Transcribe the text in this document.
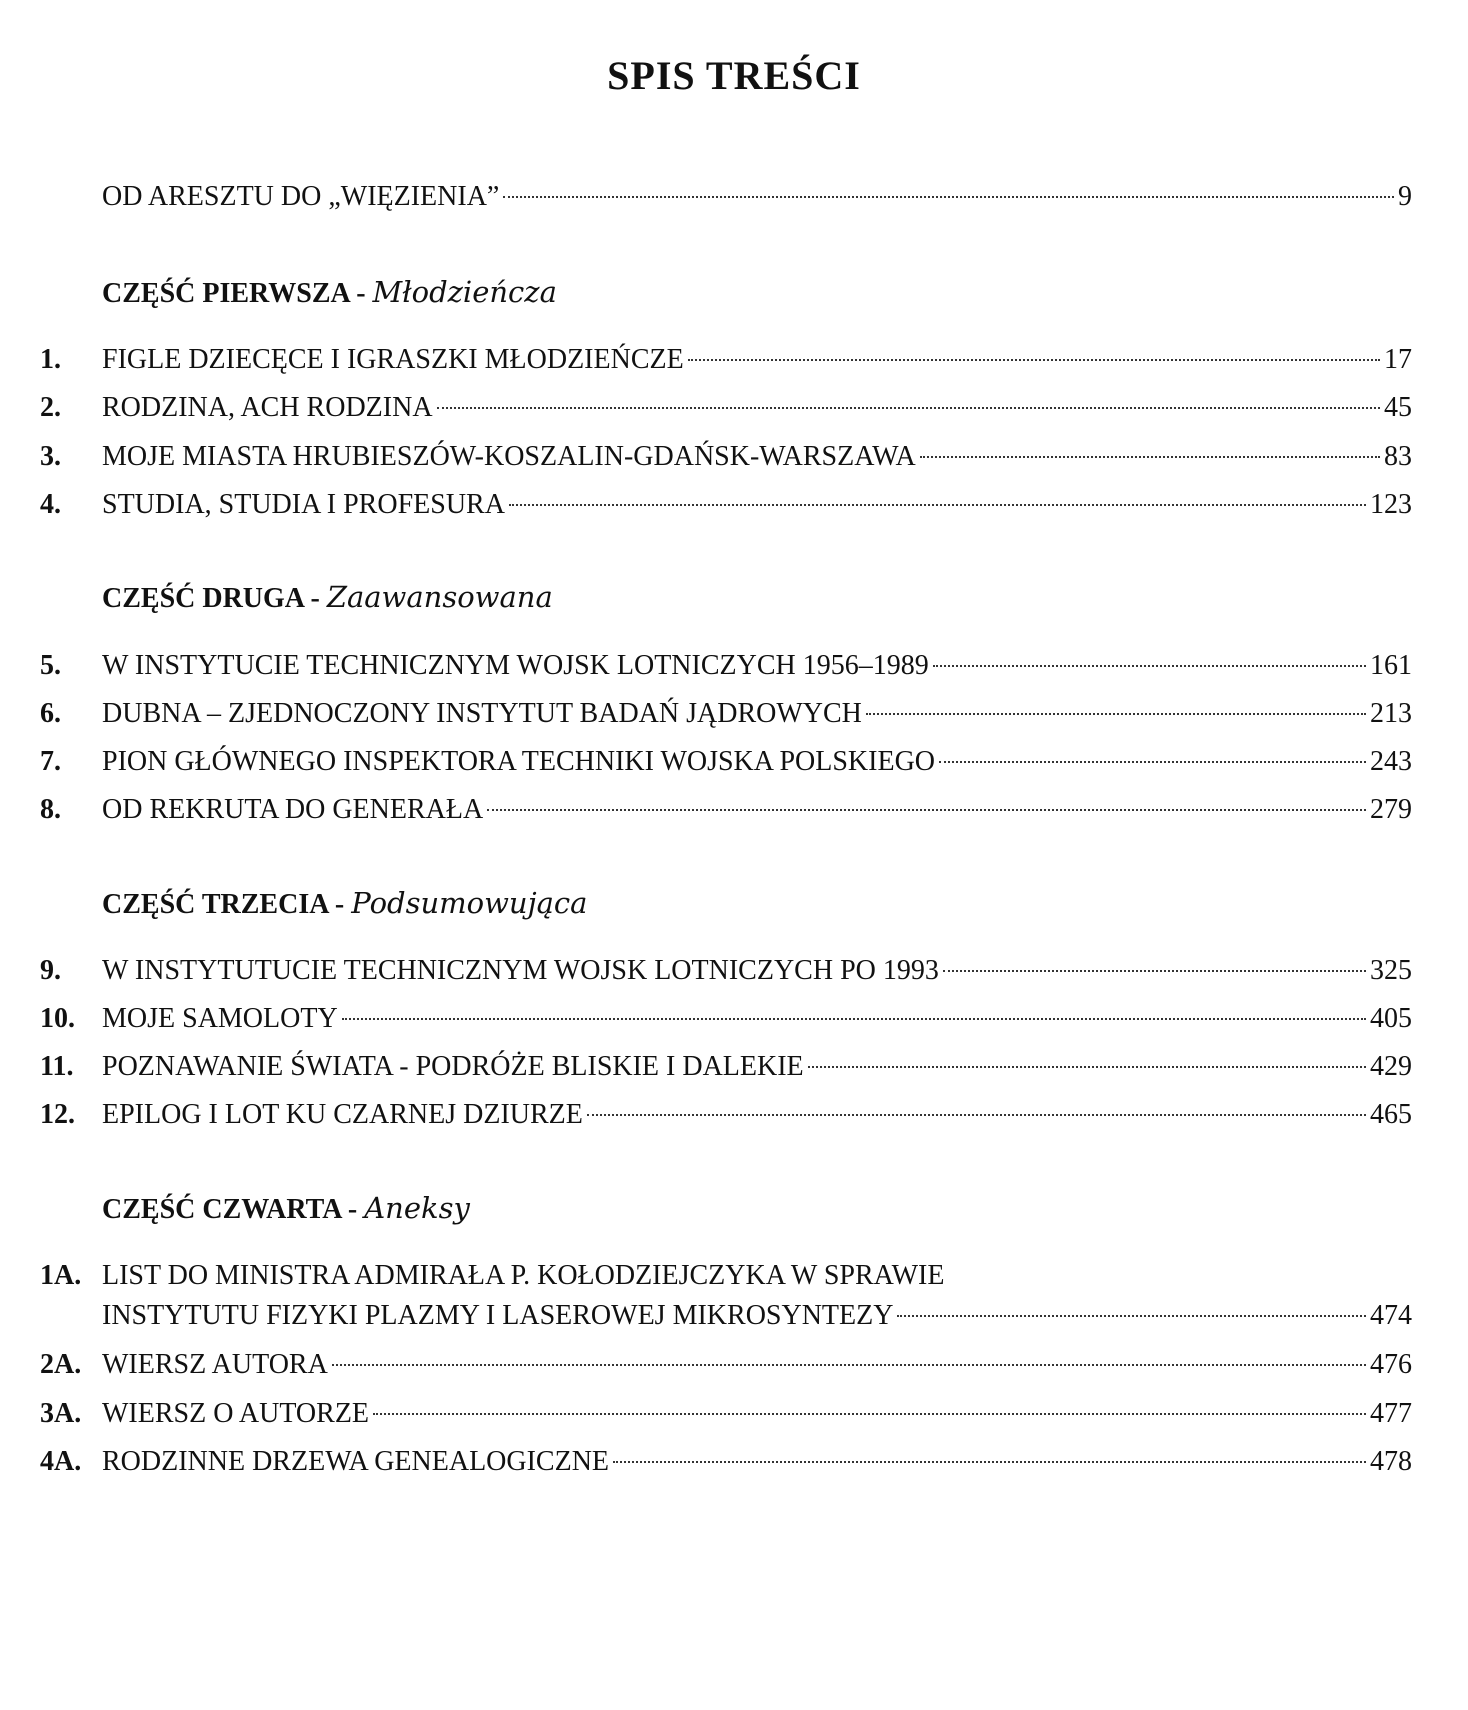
SPIS TREŚCI
OD ARESZTU DO „WIĘZIENIA”	9
CZĘŚĆ PIERWSZA - Młodzieńcza
1.	FIGLE DZIECĘCE I IGRASZKI MŁODZIEŃCZE	17
2.	RODZINA, ACH RODZINA	45
3.	MOJE MIASTA HRUBIESZÓW-KOSZALIN-GDAŃSK-WARSZAWA	83
4.	STUDIA, STUDIA I PROFESURA	123
CZĘŚĆ DRUGA - Zaawansowana
5.	W INSTYTUCIE TECHNICZNYM WOJSK LOTNICZYCH 1956–1989	161
6.	DUBNA – ZJEDNOCZONY INSTYTUT BADAŃ JĄDROWYCH	213
7.	PION GŁÓWNEGO INSPEKTORA TECHNIKI WOJSKA POLSKIEGO	243
8.	OD REKRUTA DO GENERAŁA	279
CZĘŚĆ TRZECIA - Podsumowująca
9.	W INSTYTUTUCIE TECHNICZNYM WOJSK LOTNICZYCH PO 1993	325
10. MOJE SAMOLOTY	405
11.	POZNAWANIE ŚWIATA - PODRÓŻE BLISKIE I DALEKIE	429
12. EPILOG I LOT KU CZARNEJ DZIURZE	465
CZĘŚĆ CZWARTA - Aneksy
1A. LIST DO MINISTRA ADMIRAŁA P. KOŁODZIEJCZYKA W SPRAWIE
INSTYTUTU FIZYKI PLAZMY I LASEROWEJ MIKROSYNTEZY	474
2A. WIERSZ AUTORA	476
3A. WIERSZ O AUTORZE	477
4A. RODZINNE DRZEWA GENEALOGICZNE	478
